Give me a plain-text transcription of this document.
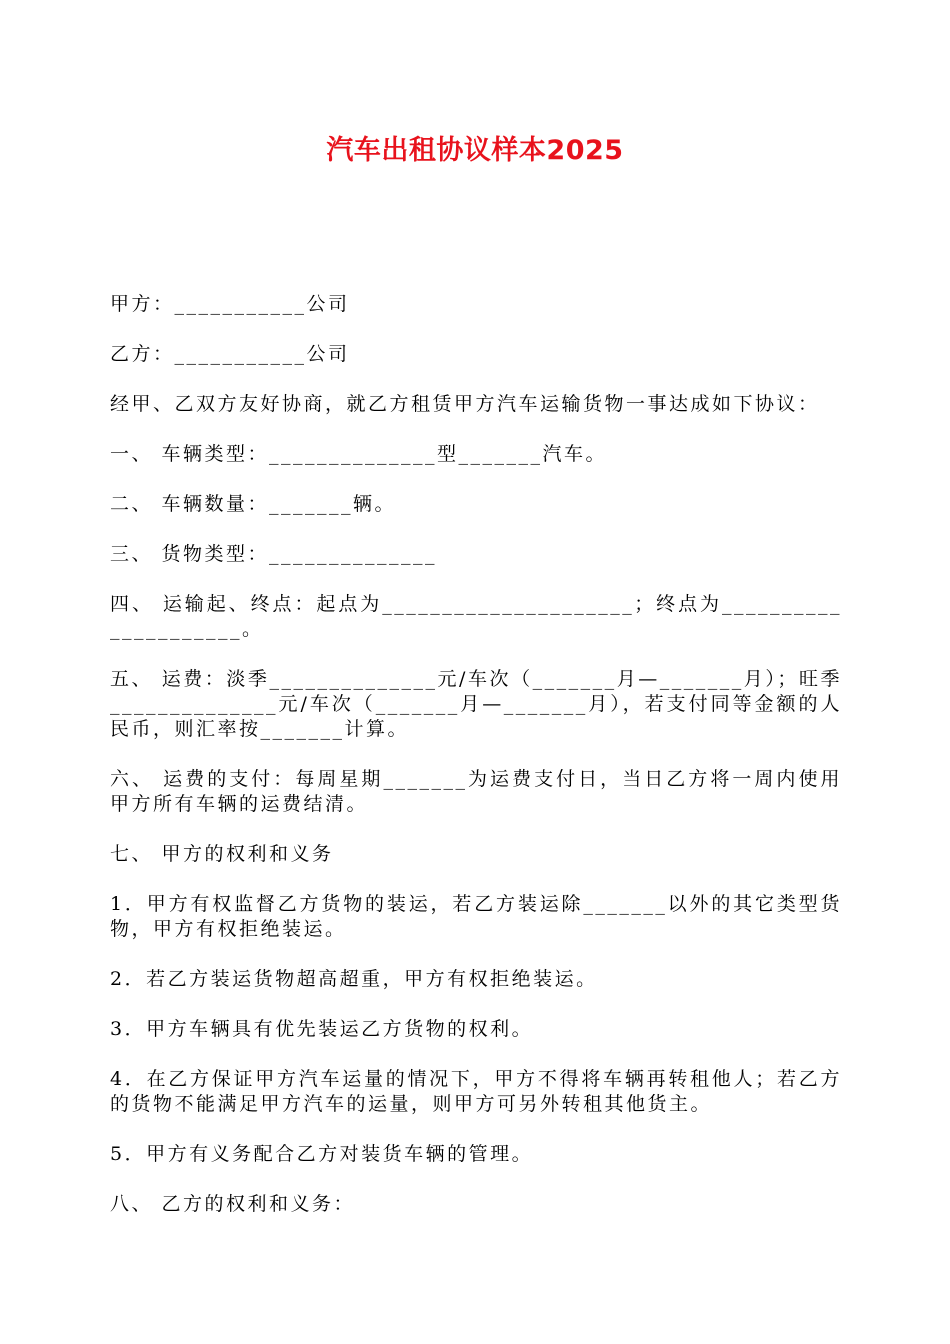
汽车出租协议样本2025

甲方：___________公司

乙方：___________公司

经甲、乙双方友好协商，就乙方租赁甲方汽车运输货物一事达成如下协议：

一、 车辆类型：______________型_______汽车。

二、 车辆数量：_______辆。

三、 货物类型：______________

四、 运输起、终点：起点为_____________________；终点为_____________________。

五、 运费：淡季______________元/车次（_______月—_______月）；旺季______________元/车次（_______月—_______月），若支付同等金额的人民币，则汇率按_______计算。

六、 运费的支付：每周星期_______为运费支付日，当日乙方将一周内使用甲方所有车辆的运费结清。

七、 甲方的权利和义务

1．甲方有权监督乙方货物的装运，若乙方装运除_______以外的其它类型货物，甲方有权拒绝装运。

2．若乙方装运货物超高超重，甲方有权拒绝装运。

3．甲方车辆具有优先装运乙方货物的权利。

4．在乙方保证甲方汽车运量的情况下，甲方不得将车辆再转租他人；若乙方的货物不能满足甲方汽车的运量，则甲方可另外转租其他货主。

5．甲方有义务配合乙方对装货车辆的管理。

八、 乙方的权利和义务：
